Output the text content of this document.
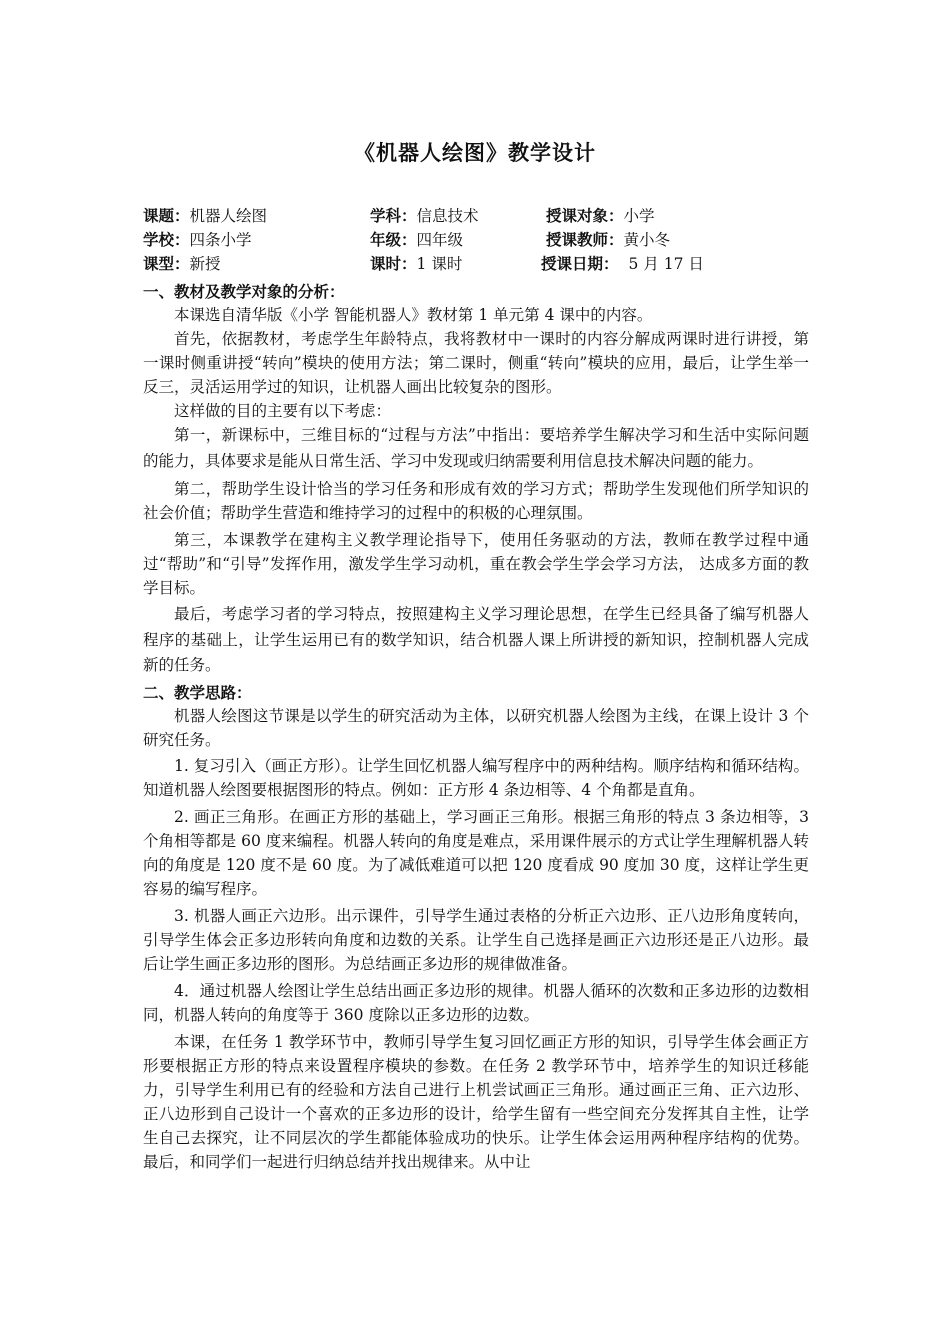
《机器人绘图》教学设计
课题：机器人绘图	学科：信息技术	授课对象：小学
学校：四条小学	年级：四年级	授课教师：黄小冬
课型：新授	课时：1 课时	授课日期： 5 月 17 日
一、教材及教学对象的分析：

本课选自清华版《小学 智能机器人》教材第 1 单元第 4 课中的内容。

首先，依据教材，考虑学生年龄特点，我将教材中一课时的内容分解成两课时进行讲授，第一课时侧重讲授“转向”模块的使用方法；第二课时，侧重“转向”模块的应用，最后，让学生举一反三，灵活运用学过的知识，让机器人画出比较复杂的图形。

这样做的目的主要有以下考虑：

第一，新课标中，三维目标的“过程与方法”中指出：要培养学生解决学习和生活中实际问题的能力，具体要求是能从日常生活、学习中发现或归纳需要利用信息技术解决问题的能力。

第二，帮助学生设计恰当的学习任务和形成有效的学习方式；帮助学生发现他们所学知识的社会价值；帮助学生营造和维持学习的过程中的积极的心理氛围。

第三，本课教学在建构主义教学理论指导下，使用任务驱动的方法，教师在教学过程中通过“帮助”和“引导”发挥作用，激发学生学习动机，重在教会学生学会学习方法， 达成多方面的教学目标。

最后，考虑学习者的学习特点，按照建构主义学习理论思想，在学生已经具备了编写机器人程序的基础上，让学生运用已有的数学知识，结合机器人课上所讲授的新知识，控制机器人完成新的任务。

二、教学思路：

机器人绘图这节课是以学生的研究活动为主体，以研究机器人绘图为主线，在课上设计 3 个研究任务。

1. 复习引入（画正方形）。让学生回忆机器人编写程序中的两种结构。顺序结构和循环结构。知道机器人绘图要根据图形的特点。例如：正方形 4 条边相等、4 个角都是直角。

2. 画正三角形。在画正方形的基础上，学习画正三角形。根据三角形的特点 3 条边相等，3 个角相等都是 60 度来编程。机器人转向的角度是难点，采用课件展示的方式让学生理解机器人转向的角度是 120 度不是 60 度。为了减低难道可以把 120 度看成 90 度加 30 度，这样让学生更容易的编写程序。

3. 机器人画正六边形。出示课件，引导学生通过表格的分析正六边形、正八边形角度转向，引导学生体会正多边形转向角度和边数的关系。让学生自己选择是画正六边形还是正八边形。最后让学生画正多边形的图形。为总结画正多边形的规律做准备。

4．通过机器人绘图让学生总结出画正多边形的规律。机器人循环的次数和正多边形的边数相同，机器人转向的角度等于 360 度除以正多边形的边数。

本课，在任务 1 教学环节中，教师引导学生复习回忆画正方形的知识，引导学生体会画正方形要根据正方形的特点来设置程序模块的参数。在任务 2 教学环节中，培养学生的知识迁移能力，引导学生利用已有的经验和方法自己进行上机尝试画正三角形。通过画正三角、正六边形、正八边形到自己设计一个喜欢的正多边形的设计，给学生留有一些空间充分发挥其自主性，让学生自己去探究，让不同层次的学生都能体验成功的快乐。让学生体会运用两种程序结构的优势。最后，和同学们一起进行归纳总结并找出规律来。从中让
